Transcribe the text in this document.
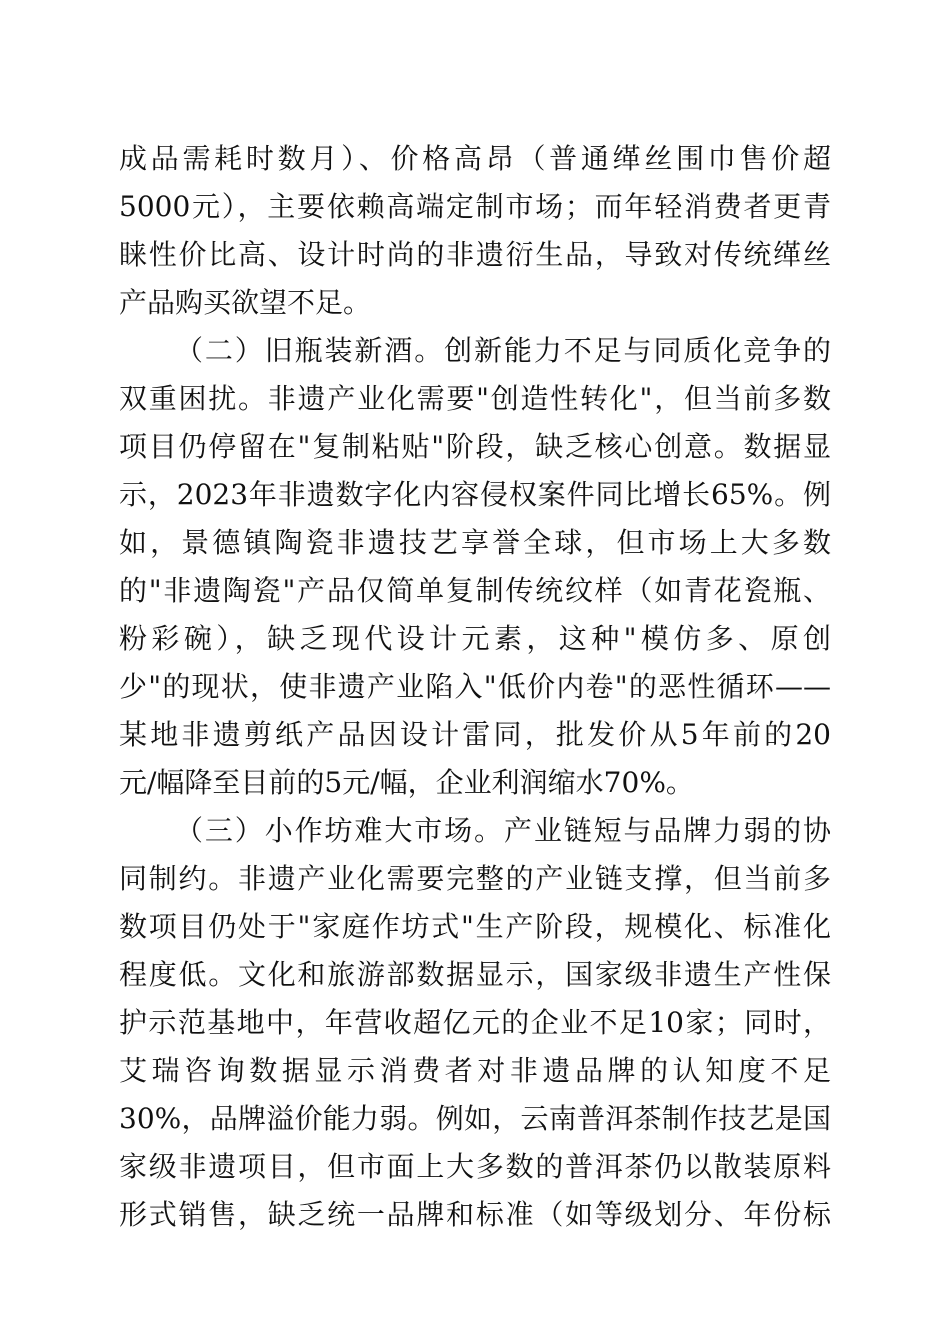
成品需耗时数月）、价格高昂（普通缂丝围巾售价超
5000元），主要依赖高端定制市场；而年轻消费者更青
睐性价比高、设计时尚的非遗衍生品，导致对传统缂丝
产品购买欲望不足。
（二）旧瓶装新酒。创新能力不足与同质化竞争的
双重困扰。非遗产业化需要"创造性转化"，但当前多数
项目仍停留在"复制粘贴"阶段，缺乏核心创意。数据显
示，2023年非遗数字化内容侵权案件同比增长65%。例
如，景德镇陶瓷非遗技艺享誉全球，但市场上大多数
的"非遗陶瓷"产品仅简单复制传统纹样（如青花瓷瓶、
粉彩碗），缺乏现代设计元素，这种"模仿多、原创
少"的现状，使非遗产业陷入"低价内卷"的恶性循环——
某地非遗剪纸产品因设计雷同，批发价从5年前的20
元/幅降至目前的5元/幅，企业利润缩水70%。
（三）小作坊难大市场。产业链短与品牌力弱的协
同制约。非遗产业化需要完整的产业链支撑，但当前多
数项目仍处于"家庭作坊式"生产阶段，规模化、标准化
程度低。文化和旅游部数据显示，国家级非遗生产性保
护示范基地中，年营收超亿元的企业不足10家；同时，
艾瑞咨询数据显示消费者对非遗品牌的认知度不足
30%，品牌溢价能力弱。例如，云南普洱茶制作技艺是国
家级非遗项目，但市面上大多数的普洱茶仍以散装原料
形式销售，缺乏统一品牌和标准（如等级划分、年份标
